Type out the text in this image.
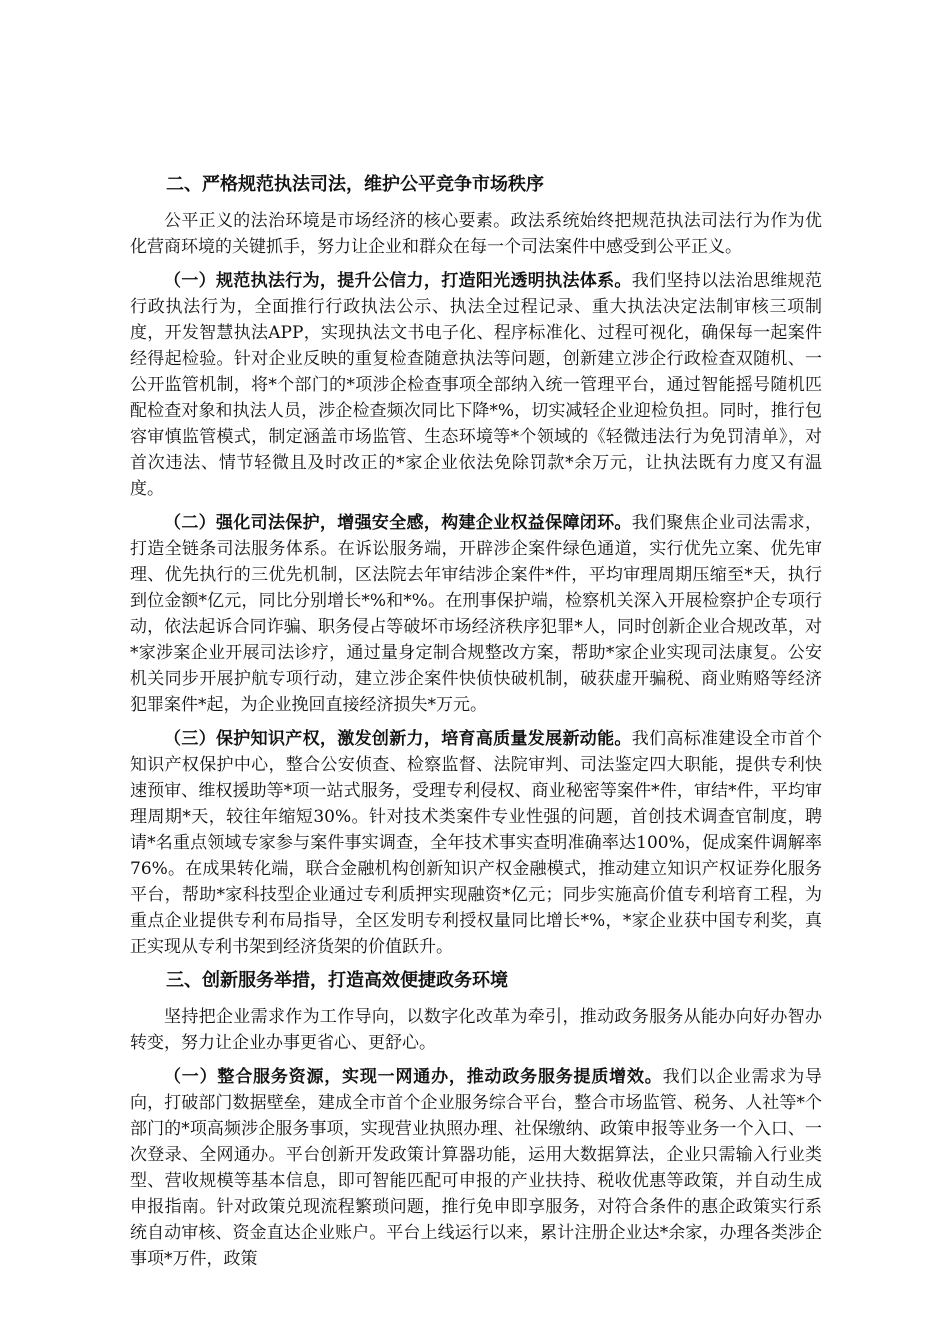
二、严格规范执法司法，维护公平竞争市场秩序

公平正义的法治环境是市场经济的核心要素。政法系统始终把规范执法司法行为作为优化营商环境的关键抓手，努力让企业和群众在每一个司法案件中感受到公平正义。

（一）规范执法行为，提升公信力，打造阳光透明执法体系。我们坚持以法治思维规范行政执法行为，全面推行行政执法公示、执法全过程记录、重大执法决定法制审核三项制度，开发智慧执法APP，实现执法文书电子化、程序标准化、过程可视化，确保每一起案件经得起检验。针对企业反映的重复检查随意执法等问题，创新建立涉企行政检查双随机、一公开监管机制，将*个部门的*项涉企检查事项全部纳入统一管理平台，通过智能摇号随机匹配检查对象和执法人员，涉企检查频次同比下降*%，切实减轻企业迎检负担。同时，推行包容审慎监管模式，制定涵盖市场监管、生态环境等*个领域的《轻微违法行为免罚清单》，对首次违法、情节轻微且及时改正的*家企业依法免除罚款*余万元，让执法既有力度又有温度。

（二）强化司法保护，增强安全感，构建企业权益保障闭环。我们聚焦企业司法需求，打造全链条司法服务体系。在诉讼服务端，开辟涉企案件绿色通道，实行优先立案、优先审理、优先执行的三优先机制，区法院去年审结涉企案件*件，平均审理周期压缩至*天，执行到位金额*亿元，同比分别增长*%和*%。在刑事保护端，检察机关深入开展检察护企专项行动，依法起诉合同诈骗、职务侵占等破坏市场经济秩序犯罪*人，同时创新企业合规改革，对*家涉案企业开展司法诊疗，通过量身定制合规整改方案，帮助*家企业实现司法康复。公安机关同步开展护航专项行动，建立涉企案件快侦快破机制，破获虚开骗税、商业贿赂等经济犯罪案件*起，为企业挽回直接经济损失*万元。

（三）保护知识产权，激发创新力，培育高质量发展新动能。我们高标准建设全市首个知识产权保护中心，整合公安侦查、检察监督、法院审判、司法鉴定四大职能，提供专利快速预审、维权援助等*项一站式服务，受理专利侵权、商业秘密等案件*件，审结*件，平均审理周期*天，较往年缩短30%。针对技术类案件专业性强的问题，首创技术调查官制度，聘请*名重点领域专家参与案件事实调查，全年技术事实查明准确率达100%，促成案件调解率76%。在成果转化端，联合金融机构创新知识产权金融模式，推动建立知识产权证券化服务平台，帮助*家科技型企业通过专利质押实现融资*亿元；同步实施高价值专利培育工程，为重点企业提供专利布局指导，全区发明专利授权量同比增长*%，*家企业获中国专利奖，真正实现从专利书架到经济货架的价值跃升。

三、创新服务举措，打造高效便捷政务环境

坚持把企业需求作为工作导向，以数字化改革为牵引，推动政务服务从能办向好办智办转变，努力让企业办事更省心、更舒心。

（一）整合服务资源，实现一网通办，推动政务服务提质增效。我们以企业需求为导向，打破部门数据壁垒，建成全市首个企业服务综合平台，整合市场监管、税务、人社等*个部门的*项高频涉企服务事项，实现营业执照办理、社保缴纳、政策申报等业务一个入口、一次登录、全网通办。平台创新开发政策计算器功能，运用大数据算法，企业只需输入行业类型、营收规模等基本信息，即可智能匹配可申报的产业扶持、税收优惠等政策，并自动生成申报指南。针对政策兑现流程繁琐问题，推行免申即享服务，对符合条件的惠企政策实行系统自动审核、资金直达企业账户。平台上线运行以来，累计注册企业达*余家，办理各类涉企事项*万件，政策
